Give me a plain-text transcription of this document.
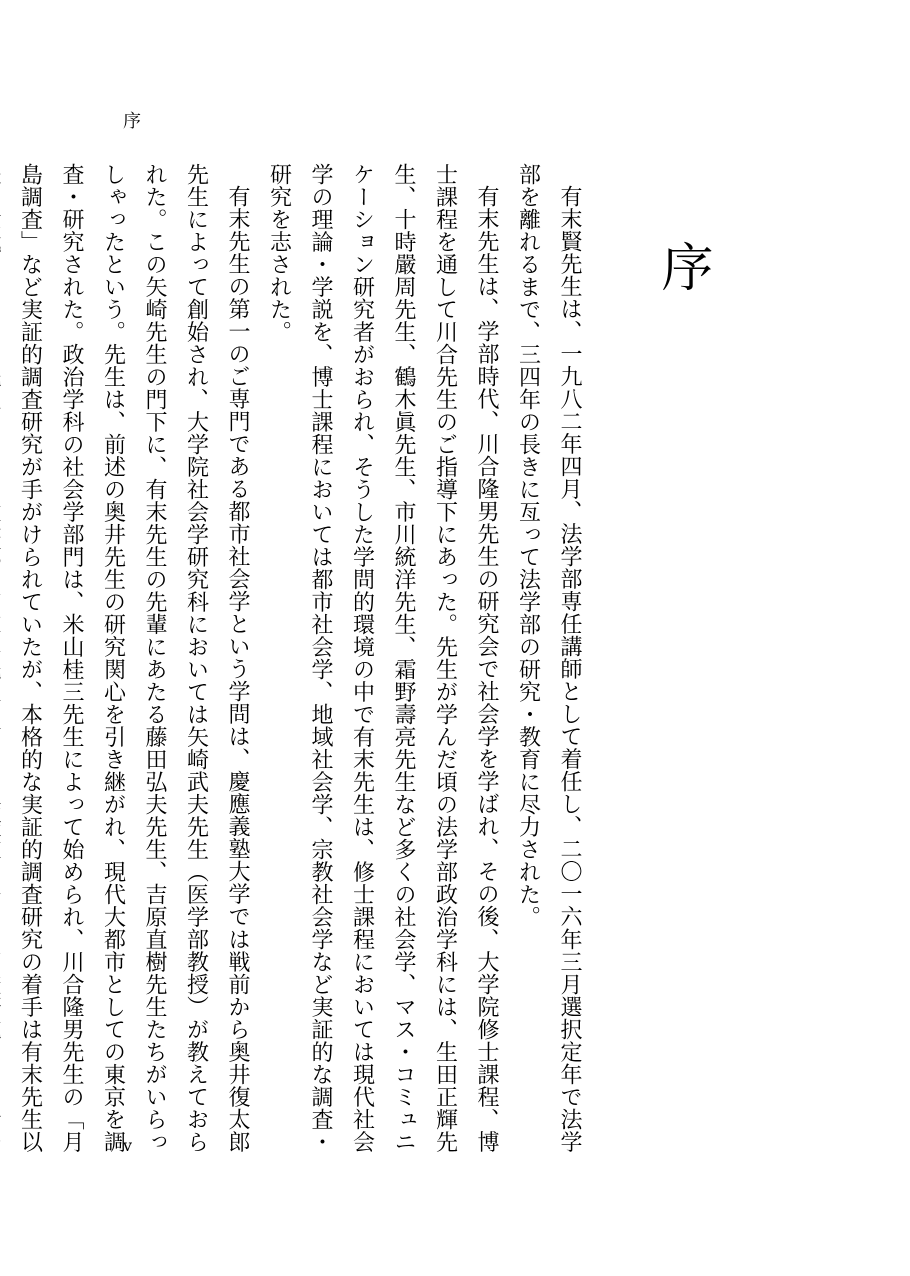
序
序

有末賢先生は、一九八二年四月、法学部専任講師として着任し、二〇一六年三月選択定年で法学部を離れるまで、三四年の長きに亙って法学部の研究・教育に尽力された。

有末先生は、学部時代、川合隆男先生の研究会で社会学を学ばれ、その後、大学院修士課程、博士課程を通して川合先生のご指導下にあった。先生が学んだ頃の法学部政治学科には、生田正輝先生、十時嚴周先生、鶴木眞先生、市川統洋先生、霜野壽亮先生など多くの社会学、マス・コミュニケーション研究者がおられ、そうした学問的環境の中で有末先生は、修士課程においては現代社会学の理論・学説を、博士課程においては都市社会学、地域社会学、宗教社会学など実証的な調査・研究を志された。

有末先生の第一のご専門である都市社会学という学問は、慶應義塾大学では戦前から奥井復太郎先生によって創始され、大学院社会学研究科においては矢崎武夫先生（医学部教授）が教えておられた。この矢崎先生の門下に、有末先生の先輩にあたる藤田弘夫先生、吉原直樹先生たちがいらっしゃったという。先生は、前述の奥井先生の研究関心を引き継がれ、現代大都市としての東京を調査・研究された。政治学科の社会学部門は、米山桂三先生によって始められ、川合隆男先生の「月島調査」など実証的調査研究が手がけられていたが、本格的な実証的調査研究の着手は有末先生以	v
